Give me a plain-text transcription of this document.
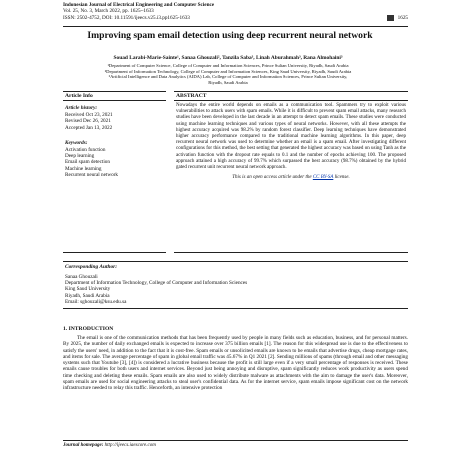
Indonesian Journal of Electrical Engineering and Computer Science
Vol. 25, No. 3, March 2022, pp. 1625~1633
ISSN: 2502-4752, DOI: 10.11591/ijeecs.v25.i3.pp1625-1633	1625
Improving spam email detection using deep recurrent neural network
Souad Larabi-Marie-Sainte¹, Sanaa Ghouzali², Tanzila Saba³, Linah Aburahmah³, Rana Almohaini³
¹Department of Computer Science, College of Computer and Information Sciences, Prince Sultan University, Riyadh, Saudi Arabia
²Department of Information Technology, College of Computer and Information Sciences, King Saud University, Riyadh, Saudi Arabia
³Artificial Intelligence and Data Analytics (AIDA) Lab, College of Computer and Information Sciences, Prince Sultan University,
Riyadh, Saudi Arabia
Article Info
Article history:
Received Oct 23, 2021
Revised Dec 26, 2021
Accepted Jan 13, 2022
Keywords:
Activation function
Deep learning
Email spam detection
Machine learning
Recurrent neural network
ABSTRACT
Nowadays the entire world depends on emails as a communication tool. Spammers try to exploit various vulnerabilities to attack users with spam emails. While it is difficult to prevent spam email attacks, many research studies have been developed in the last decade in an attempt to detect spam emails. These studies were conducted using machine learning techniques and various types of neural networks. However, with all these attempts the highest accuracy acquired was 98.2% by random forest classifier. Deep learning techniques have demonstrated higher accuracy performance compared to the traditional machine learning algorithms. In this paper, deep recurrent neural network was used to determine whether an email is a spam email. After investigating different configurations for this method, the best setting that generated the highest accuracy was based on using Tanh as the activation function with the dropout rate equals to 0.1 and the number of epochs achieving 100. The proposed approach attained a high accuracy of 99.7% which surpassed the best accuracy (98.7%) obtained by the hybrid gated recurrent unit recurrent neural network approach.
This is an open access article under the CC BY-SA license.
Corresponding Author:
Sanaa Ghouzali
Department of Information Technology, College of Computer and Information Sciences
King Saud University
Riyadh, Saudi Arabia
Email: sghouzali@ksu.edu.sa
1. INTRODUCTION
The email is one of the communication methods that has been frequently used by people in many fields such as education, business, and for personal matters. By 2025, the number of daily exchanged emails is expected to increase over 375 billion emails [1]. The reason for this widespread use is due to the effectiveness to satisfy the users' need, in addition to the fact that it is cost-free. Spam emails or unsolicited emails are known to be emails that advertise drugs, cheap mortgage rates, and items for sale. The average percentage of spam in global email traffic was 45.67% in Q1 2021 [2]. Sending millions of spams (through email and other messaging systems such that Youtube [3], [4]) is considered a lucrative business because the profit is still large even if a very small percentage of responses is received. These emails cause troubles for both users and internet services. Beyond just being annoying and disruptive, spam significantly reduces work productivity as users spend time checking and deleting these emails. Spam emails are also used to widely distribute malware as attachments with the aim to damage the user's data. Moreover, spam emails are used for social engineering attacks to steal user's confidential data. As for the internet service, spam emails impose significant cost on the network infrastructure needed to relay this traffic. Henceforth, an intensive protection
Journal homepage: http://ijeecs.iaescore.com
